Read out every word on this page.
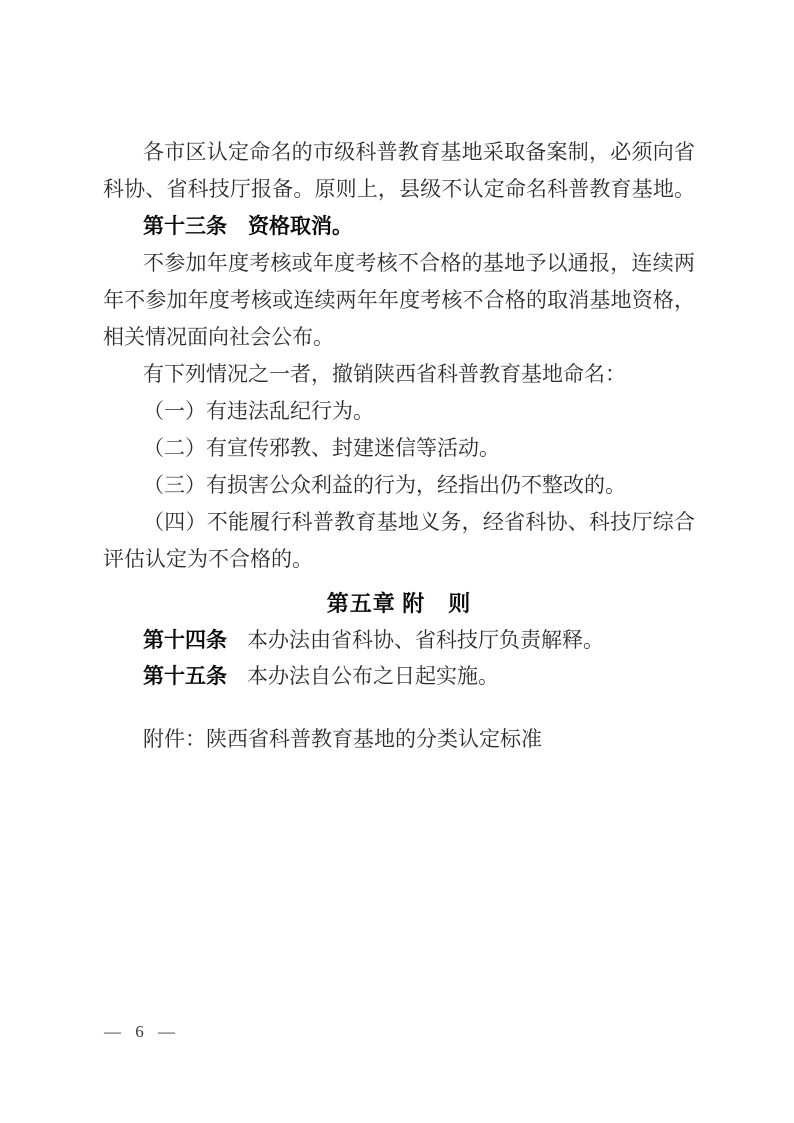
各市区认定命名的市级科普教育基地采取备案制，必须向省

科协、省科技厅报备。原则上，县级不认定命名科普教育基地。

第十三条　资格取消。

不参加年度考核或年度考核不合格的基地予以通报，连续两

年不参加年度考核或连续两年年度考核不合格的取消基地资格，

相关情况面向社会公布。

有下列情况之一者，撤销陕西省科普教育基地命名：

（一）有违法乱纪行为。

（二）有宣传邪教、封建迷信等活动。

（三）有损害公众利益的行为，经指出仍不整改的。

（四）不能履行科普教育基地义务，经省科协、科技厅综合

评估认定为不合格的。

第五章 附　则

第十四条 本办法由省科协、省科技厅负责解释。

第十五条 本办法自公布之日起实施。

附件：陕西省科普教育基地的分类认定标准

— 6 —
